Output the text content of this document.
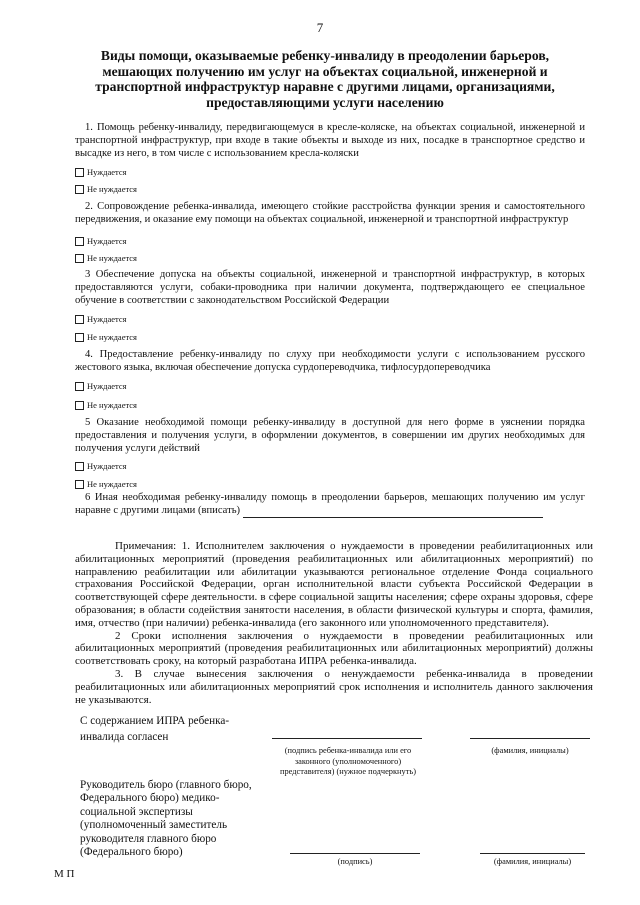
7
Виды помощи, оказываемые ребенку-инвалиду в преодолении барьеров, мешающих получению им услуг на объектах социальной, инженерной и транспортной инфраструктур наравне с другими лицами, организациями, предоставляющими услуги населению
1. Помощь ребенку-инвалиду, передвигающемуся в кресле-коляске, на объектах социальной, инженерной и транспортной инфраструктур, при входе в такие объекты и выходе из них, посадке в транспортное средство и высадке из него, в том числе с использованием кресла-коляски
Нуждается
Не нуждается
2. Сопровождение ребенка-инвалида, имеющего стойкие расстройства функции зрения и самостоятельного передвижения, и оказание ему помощи на объектах социальной, инженерной и транспортной инфраструктур
Нуждается
Не нуждается
3 Обеспечение допуска на объекты социальной, инженерной и транспортной инфраструктур, в которых предоставляются услуги, собаки-проводника при наличии документа, подтверждающего ее специальное обучение в соответствии с законодательством Российской Федерации
Нуждается
Не нуждается
4. Предоставление ребенку-инвалиду по слуху при необходимости услуги с использованием русского жестового языка, включая обеспечение допуска сурдопереводчика, тифлосурдопереводчика
Нуждается
Не нуждается
5 Оказание необходимой помощи ребенку-инвалиду в доступной для него форме в уяснении порядка предоставления и получения услуги, в оформлении документов, в совершении им других необходимых для получения услуги действий
Нуждается
Не нуждается
6 Иная необходимая ребенку-инвалиду помощь в преодолении барьеров, мешающих получению им услуг наравне с другими лицами (вписать)

Примечания: 1. Исполнителем заключения о нуждаемости в проведении реабилитационных или абилитационных мероприятий (проведения реабилитационных или абилитационных мероприятий) по направлению реабилитации или абилитации указываются региональное отделение Фонда социального страхования Российской Федерации, орган исполнительной власти субъекта Российской Федерации в соответствующей сфере деятельности. в сфере социальной защиты населения; сфере охраны здоровья, сфере образования; в области содействия занятости населения, в области физической культуры и спорта, фамилия, имя, отчество (при наличии) ребенка-инвалида (его законного или уполномоченного представителя).

2 Сроки исполнения заключения о нуждаемости в проведении реабилитационных или абилитационных мероприятий (проведения реабилитационных или абилитационных мероприятий) должны соответствовать сроку, на который разработана ИПРА ребенка-инвалида.

3. В случае вынесения заключения о ненуждаемости ребенка-инвалида в проведении реабилитационных или абилитационных мероприятий срок исполнения и исполнитель данного заключения не указываются.

С содержанием ИПРА ребенка-инвалида согласен
(подпись ребенка-инвалида или его законного (уполномоченного) представителя) (нужное подчеркнуть)
(фамилия, инициалы)
Руководитель бюро (главного бюро, Федерального бюро) медико-социальной экспертизы (уполномоченный заместитель руководителя главного бюро (Федерального бюро)
(подпись)	(фамилия, инициалы)
М П
